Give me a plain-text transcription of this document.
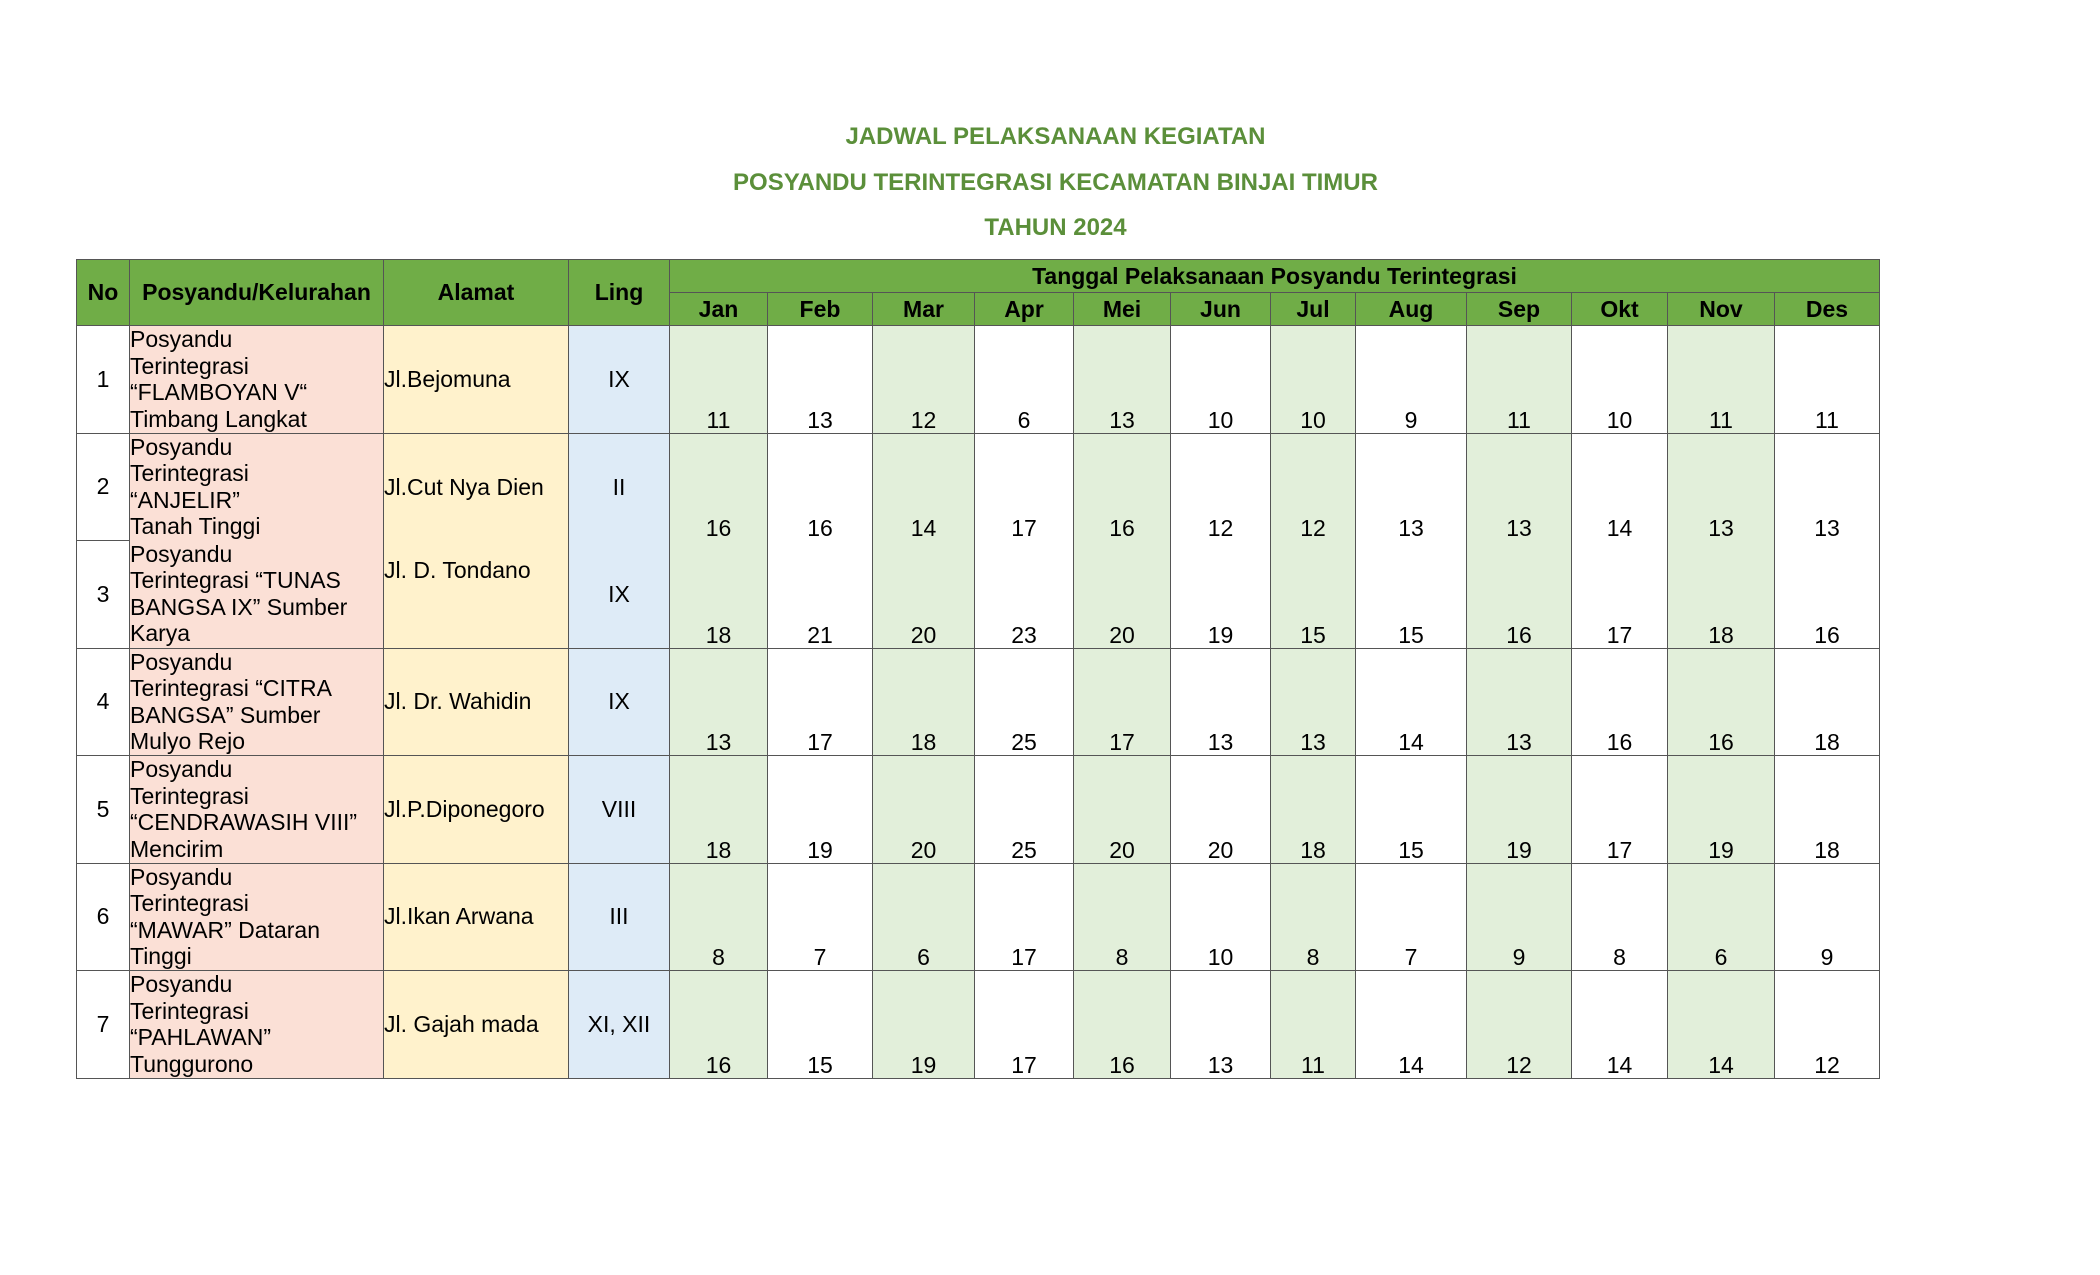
JADWAL PELAKSANAAN KEGIATAN
POSYANDU TERINTEGRASI KECAMATAN BINJAI TIMUR
TAHUN 2024
No	Posyandu/Kelurahan	Alamat	Ling	Tanggal Pelaksanaan Posyandu Terintegrasi											
				Jan	Feb	Mar	Apr	Mei	Jun	Jul	Aug	Sep	Okt	Nov	Des
1	Posyandu
Terintegrasi
“FLAMBOYAN V“
Timbang Langkat	Jl.Bejomuna	IX	11	13	12	6	13	10	10	9	11	10	11	11
2	Posyandu
Terintegrasi
“ANJELIR”
Tanah Tinggi	Jl.Cut Nya Dien	II	16	16	14	17	16	12	12	13	13	14	13	13
3	Posyandu
Terintegrasi “TUNAS
BANGSA IX” Sumber
Karya	Jl. D. Tondano	IX	18	21	20	23	20	19	15	15	16	17	18	16
4	Posyandu
Terintegrasi “CITRA
BANGSA” Sumber
Mulyo Rejo	Jl. Dr. Wahidin	IX	13	17	18	25	17	13	13	14	13	16	16	18
5	Posyandu
Terintegrasi
“CENDRAWASIH VIII”
Mencirim	Jl.P.Diponegoro	VIII	18	19	20	25	20	20	18	15	19	17	19	18
6	Posyandu
Terintegrasi
“MAWAR” Dataran
Tinggi	Jl.Ikan Arwana	III	8	7	6	17	8	10	8	7	9	8	6	9
7	Posyandu
Terintegrasi
“PAHLAWAN”
Tunggurono	Jl. Gajah mada	XI, XII	16	15	19	17	16	13	11	14	12	14	14	12
